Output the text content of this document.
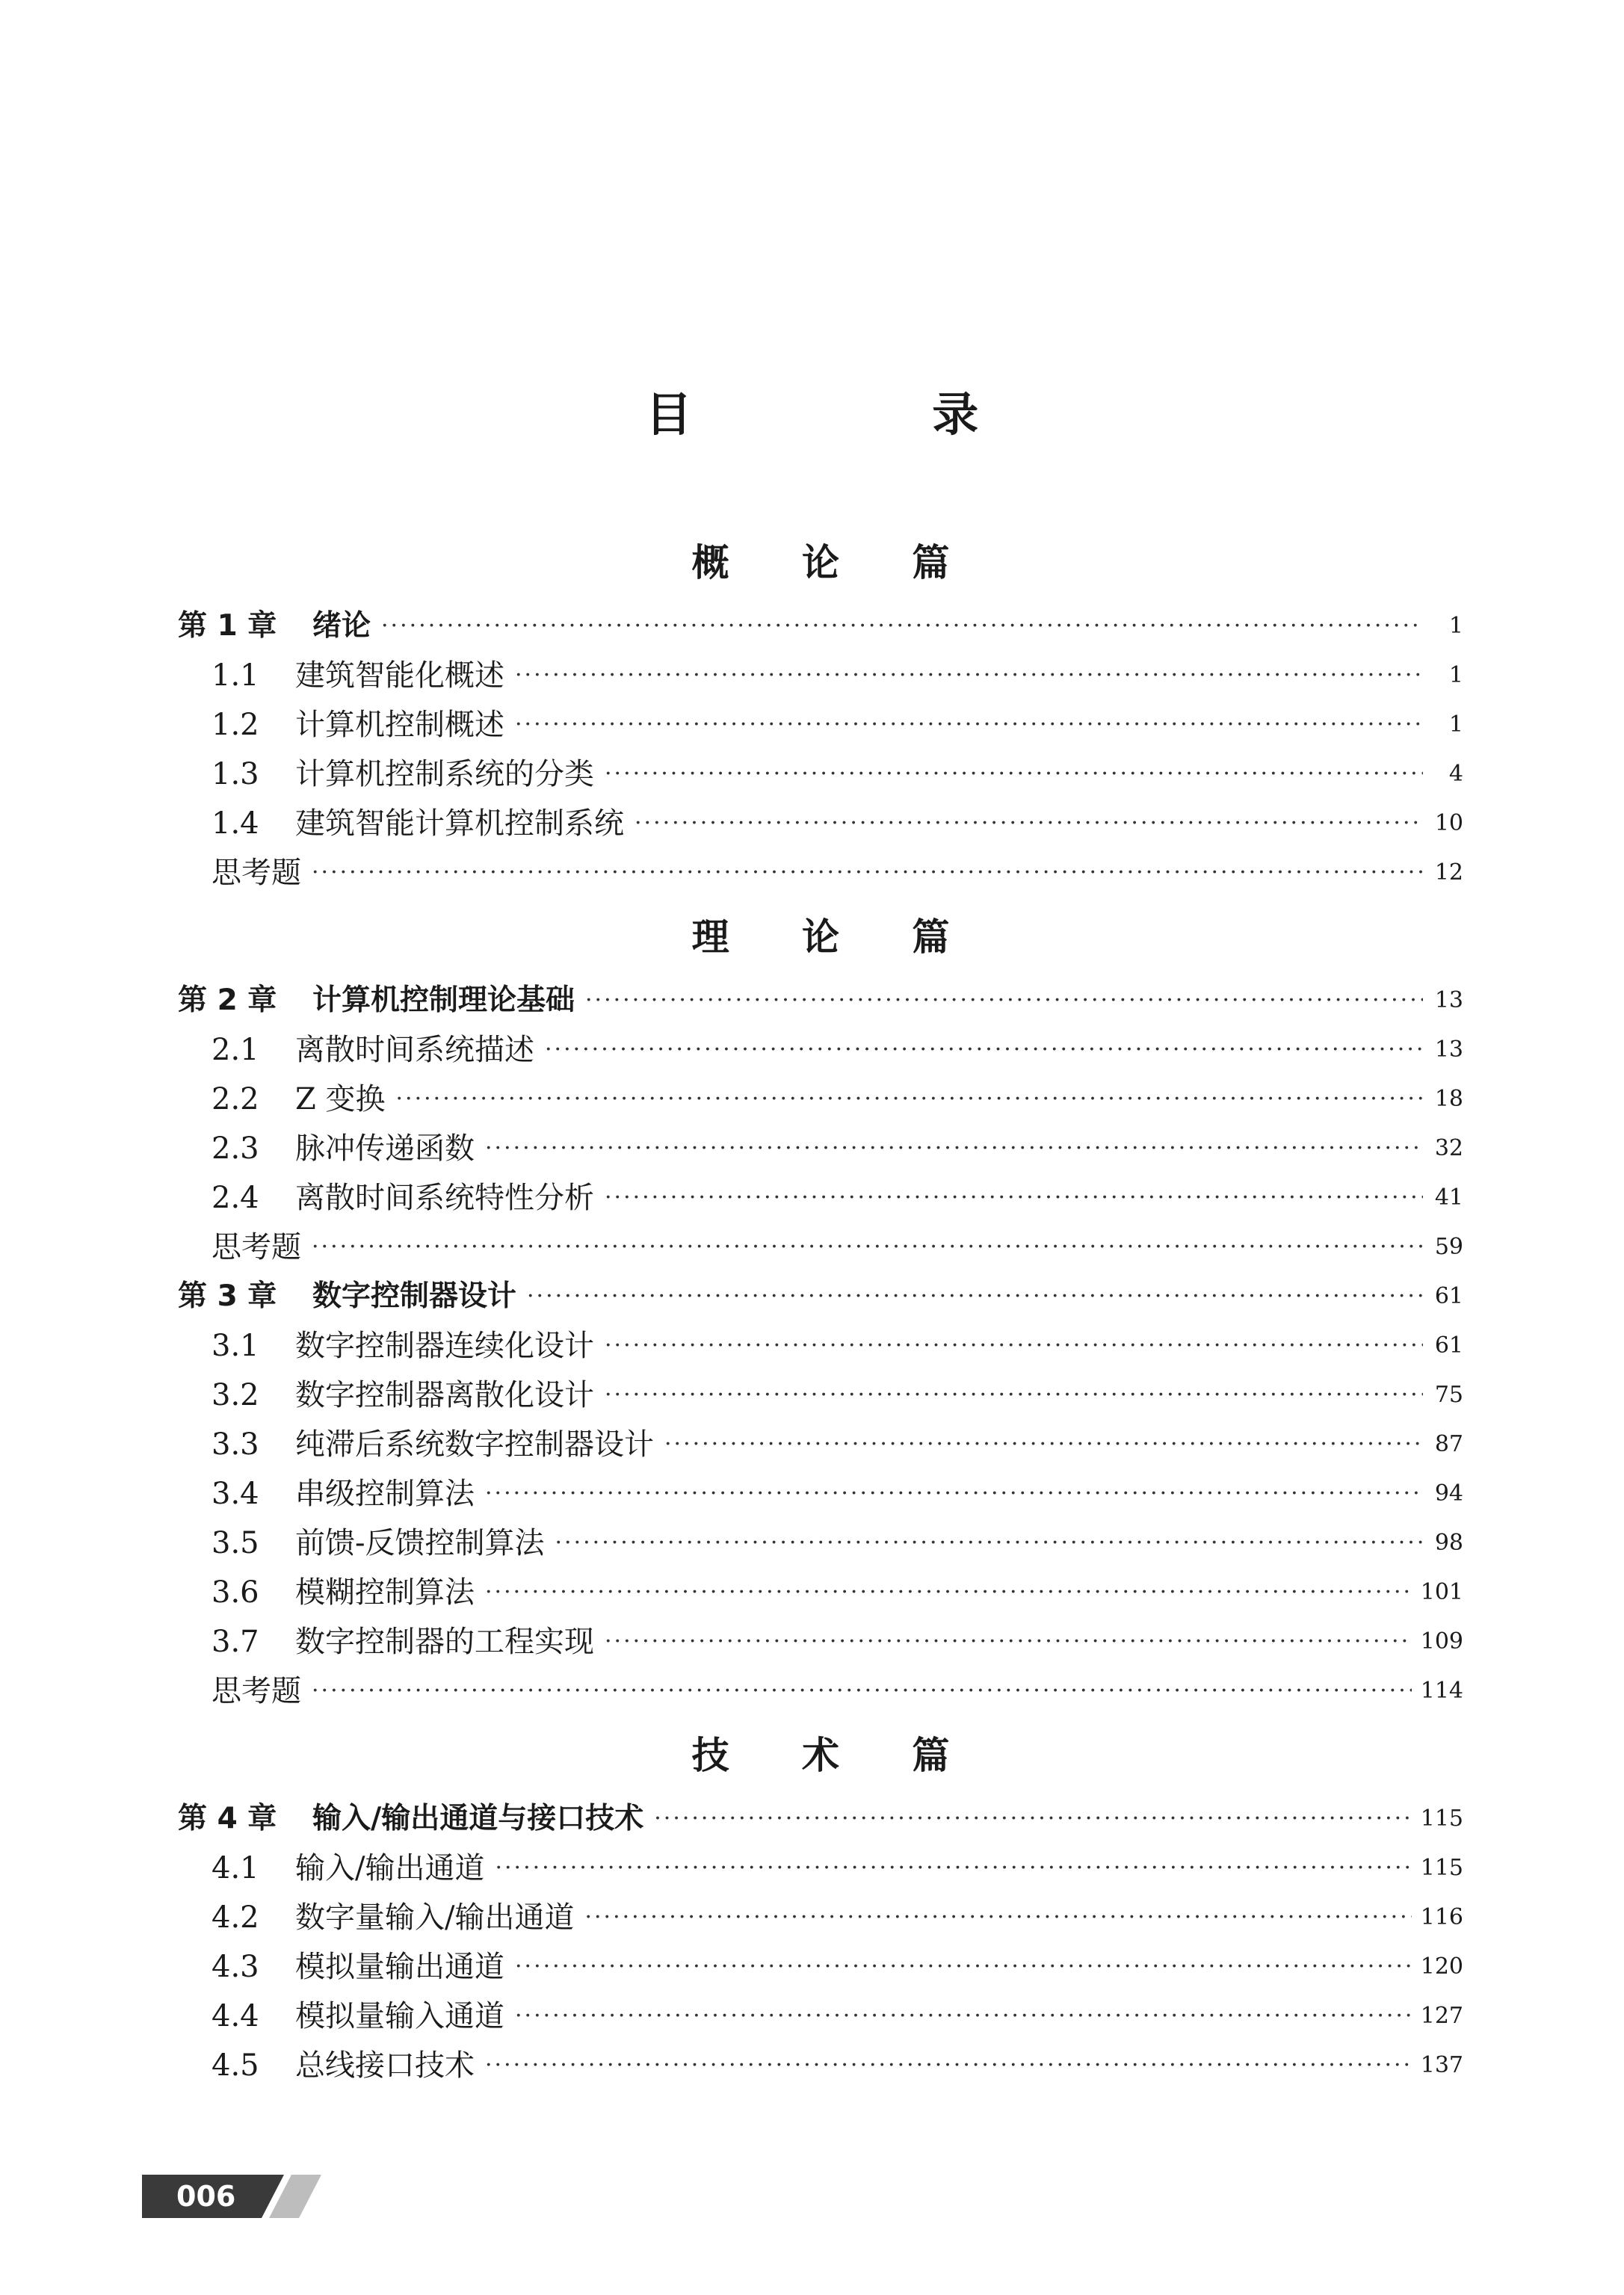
目 录
概 论 篇
第 1 章	绪论 ·····	1
1.1	建筑智能化概述 ·····	1
1.2	计算机控制概述 ·····	1
1.3	计算机控制系统的分类 ·····	4
1.4	建筑智能计算机控制系统 ·····	10
思考题 ·····	12
理 论 篇
第 2 章	计算机控制理论基础 ·····	13
2.1	离散时间系统描述 ·····	13
2.2	Z 变换 ·····	18
2.3	脉冲传递函数 ·····	32
2.4	离散时间系统特性分析 ·····	41
思考题 ·····	59
第 3 章	数字控制器设计 ·····	61
3.1	数字控制器连续化设计 ·····	61
3.2	数字控制器离散化设计 ·····	75
3.3	纯滞后系统数字控制器设计 ·····	87
3.4	串级控制算法 ·····	94
3.5	前馈-反馈控制算法 ·····	98
3.6	模糊控制算法 ·····	101
3.7	数字控制器的工程实现 ·····	109
思考题 ·····	114
技 术 篇
第 4 章	输入/输出通道与接口技术 ·····	115
4.1	输入/输出通道 ·····	115
4.2	数字量输入/输出通道 ·····	116
4.3	模拟量输出通道 ·····	120
4.4	模拟量输入通道 ·····	127
4.5	总线接口技术 ·····	137
006
